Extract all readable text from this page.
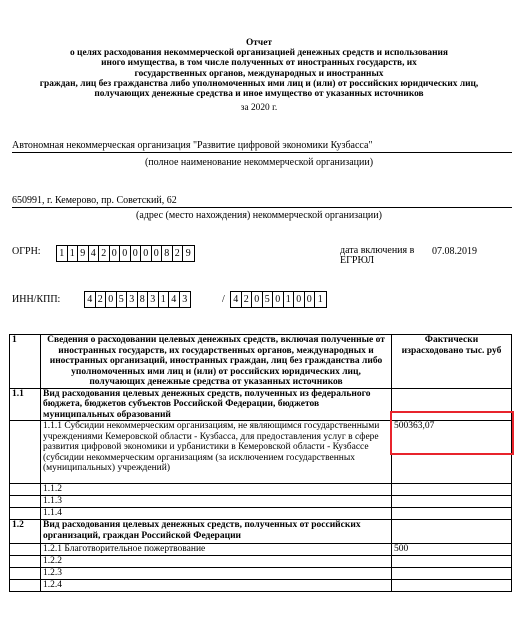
Отчет
о целях расходования некоммерческой организацией денежных средств и использования
иного имущества, в том числе полученных от иностранных государств, их
государственных органов, международных и иностранных
граждан, лиц без гражданства либо уполномоченных ими лиц и (или) от российских юридических лиц,
получающих денежные средства и иное имущество от указанных источников
за 2020 г.
Автономная некоммерческая организация "Развитие цифровой экономики Кузбасса"
(полное наименование некоммерческой организации)
650991, г. Кемерово, пр. Советский, 62
(адрес (место нахождения) некоммерческой организации)
ОГРН: 1 1 9 4 2 0 0 0 0 0 8 2 9	дата включения в
ЕГРЮЛ
07.08.2019
ИНН/КПП:	4 2 0 5 3 8 3 1 4 3	/ 4 2 0 5 0 1 0 0 1
1	Сведения о расходовании целевых денежных средств, включая полученные от иностранных государств, их государственных органов, международных и иностранных организаций, иностранных граждан, лиц без гражданства либо уполномоченных ими лиц и (или) от российских юридических лиц, получающих денежные средства от указанных источников	Фактически израсходовано тыс. руб
1.1	Вид расходования целевых денежных средств, полученных из федерального бюджета, бюджетов субъектов Российской Федерации, бюджетов муниципальных образований	
	1.1.1 Субсидии некоммерческим организациям, не являющимся государственными учреждениями Кемеровской области - Кузбасса, для предоставления услуг в сфере развития цифровой экономики и урбанистики в Кемеровской области - Кузбассе (субсидии некоммерческим организациям (за исключением государственных (муниципальных) учреждений)	500363,07
	1.1.2	
	1.1.3	
	1.1.4	
1.2	Вид расходования целевых денежных средств, полученных от российских организаций, граждан Российской Федерации	
	1.2.1 Благотворительное пожертвование	500
	1.2.2	
	1.2.3	
	1.2.4	
